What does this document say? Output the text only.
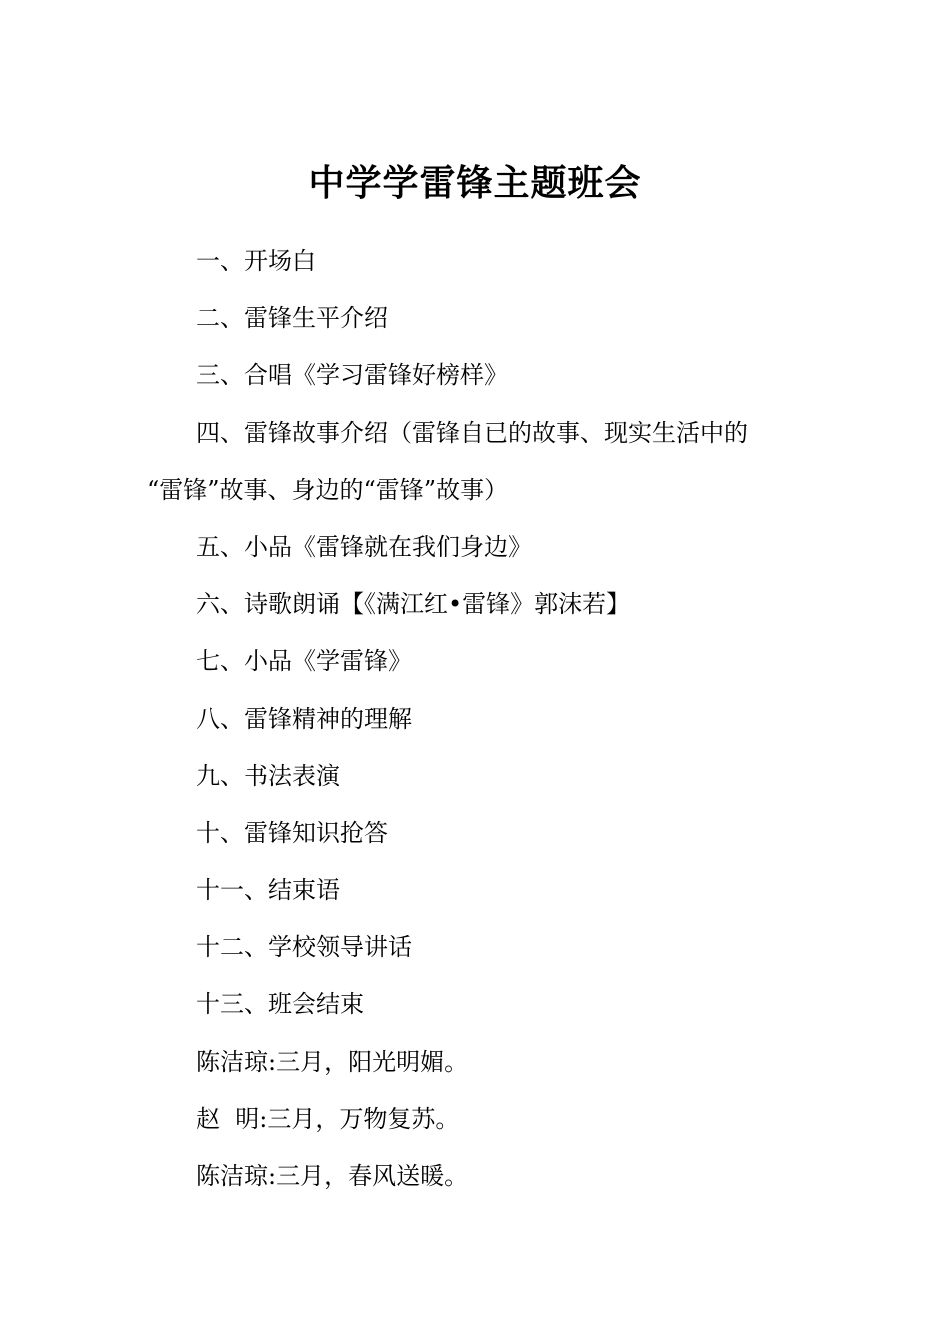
中学学雷锋主题班会
一、开场白
二、雷锋生平介绍
三、合唱《学习雷锋好榜样》
四、雷锋故事介绍（雷锋自已的故事、现实生活中的
“雷锋”故事、身边的“雷锋”故事）
五、小品《雷锋就在我们身边》
六、诗歌朗诵【《满江红•雷锋》郭沫若】
七、小品《学雷锋》
八、雷锋精神的理解
九、书法表演
十、雷锋知识抢答
十一、结束语
十二、学校领导讲话
十三、班会结束
陈洁琼:三月，阳光明媚。
赵  明:三月，万物复苏。
陈洁琼:三月，春风送暖。
